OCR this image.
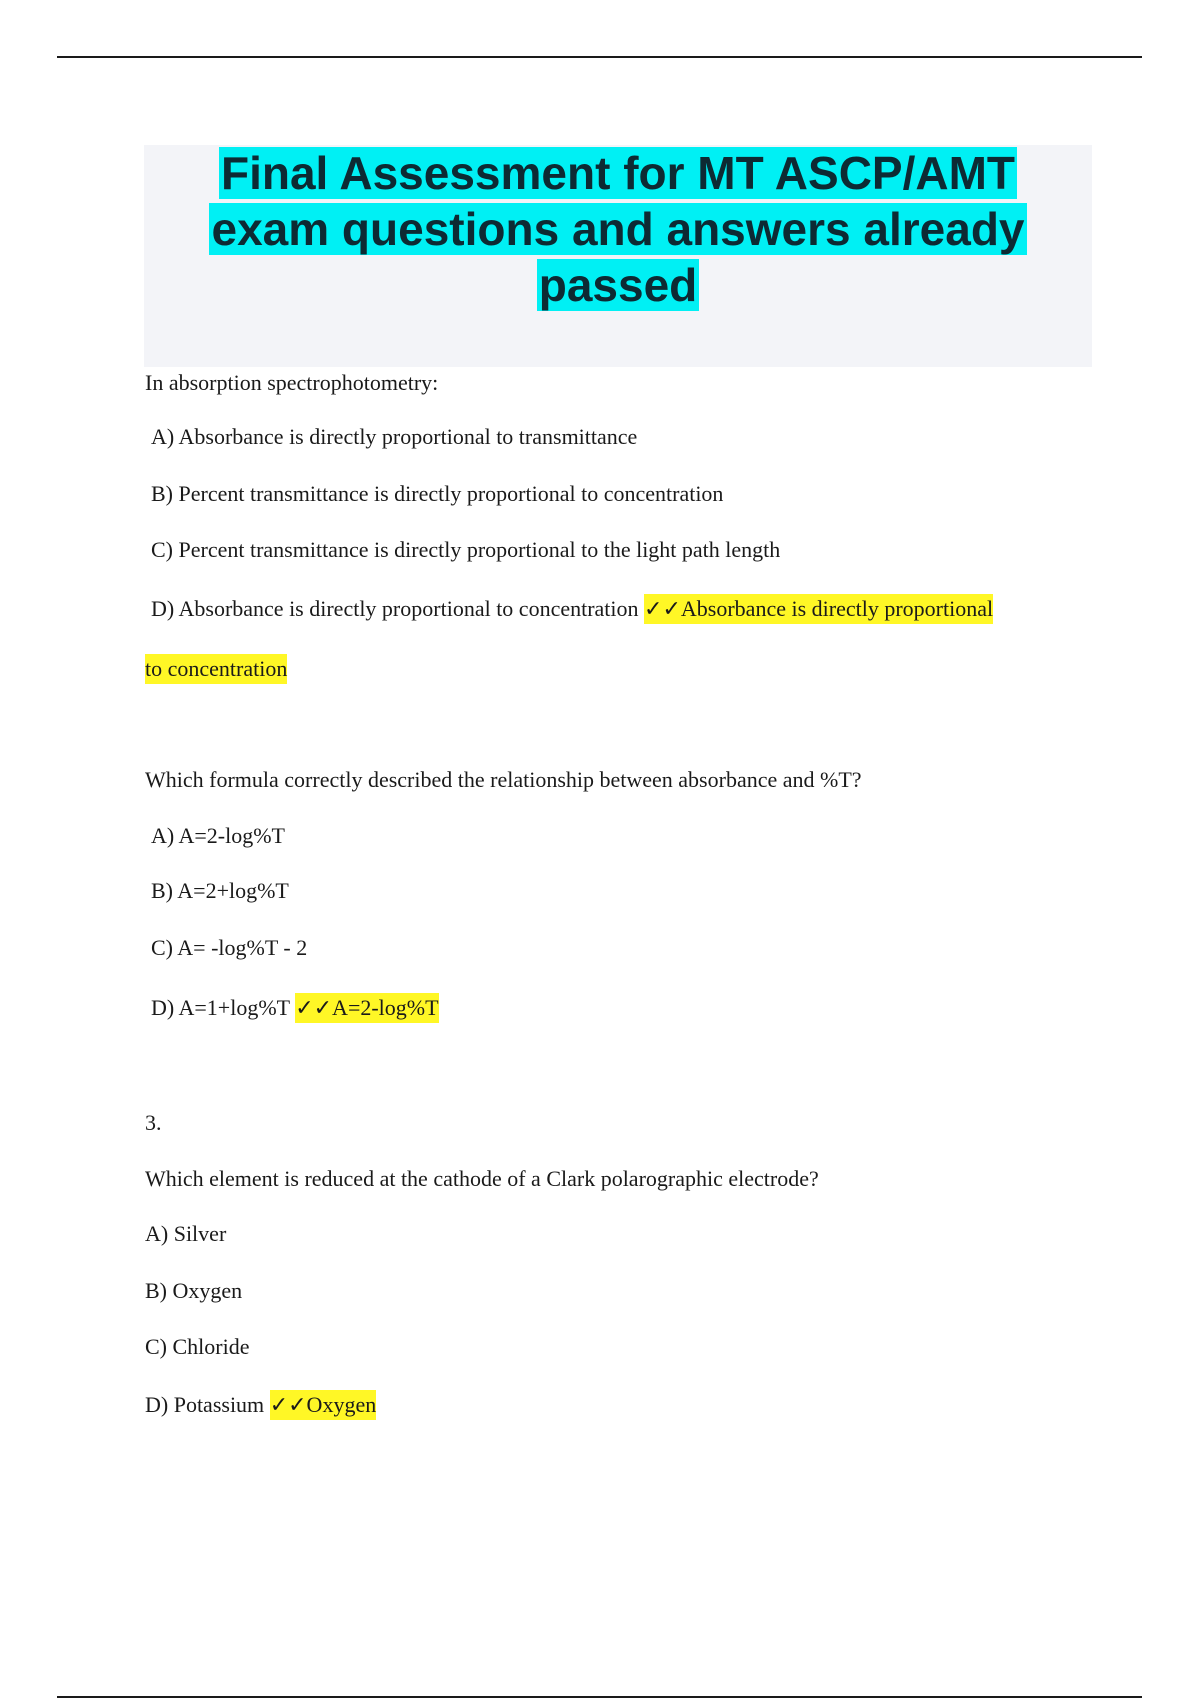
Final Assessment for MT ASCP/AMT
exam questions and answers already
passed
In absorption spectrophotometry:
A) Absorbance is directly proportional to transmittance
B) Percent transmittance is directly proportional to concentration
C) Percent transmittance is directly proportional to the light path length
D) Absorbance is directly proportional to concentration ✓✓Absorbance is directly proportional
to concentration
Which formula correctly described the relationship between absorbance and %T?
A) A=2-log%T
B) A=2+log%T
C) A= -log%T - 2
D) A=1+log%T ✓✓A=2-log%T
3.
Which element is reduced at the cathode of a Clark polarographic electrode?
A) Silver
B) Oxygen
C) Chloride
D) Potassium ✓✓Oxygen
